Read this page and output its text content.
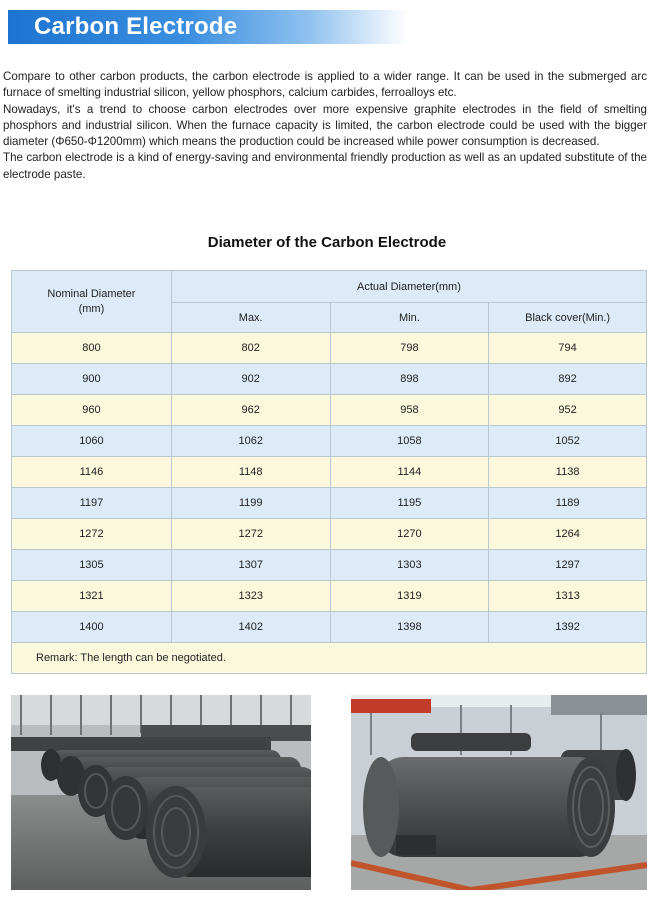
Carbon Electrode

Compare to other carbon products, the carbon electrode is applied to a wider range. It can be used in the submerged arc furnace of smelting industrial silicon, yellow phosphors, calcium carbides, ferroalloys etc.

Nowadays, it's a trend to choose carbon electrodes over more expensive graphite electrodes in the field of smelting phosphors and industrial silicon. When the furnace capacity is limited, the carbon electrode could be used with the bigger diameter (Φ650-Φ1200mm) which means the production could be increased while power consumption is decreased.

The carbon electrode is a kind of energy-saving and environmental friendly production as well as an updated substitute of the electrode paste.

Diameter of the Carbon Electrode
Nominal Diameter (mm)	Actual Diameter(mm)		
	Max.	Min.	Black cover(Min.)
800	802	798	794
900	902	898	892
960	962	958	952
1060	1062	1058	1052
1146	1148	1144	1138
1197	1199	1195	1189
1272	1272	1270	1264
1305	1307	1303	1297
1321	1323	1319	1313
1400	1402	1398	1392
Remark: The length can be negotiated.			
